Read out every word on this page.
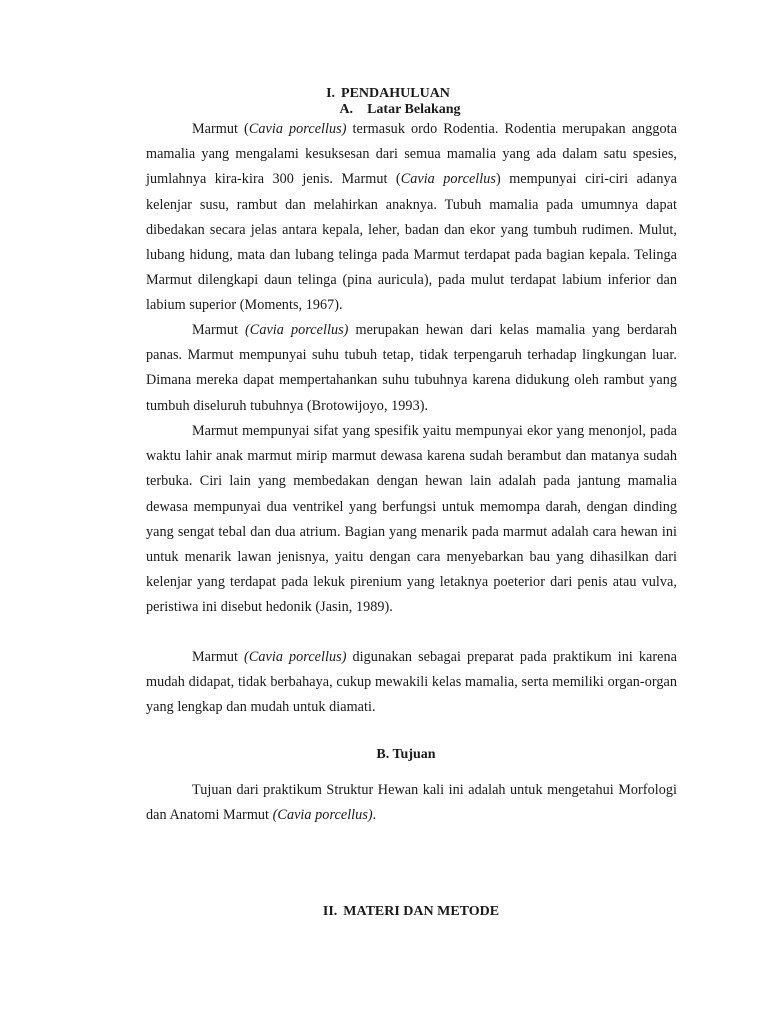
I. PENDAHULUAN
A. Latar Belakang

Marmut (Cavia porcellus) termasuk ordo Rodentia. Rodentia merupakan anggota mamalia yang mengalami kesuksesan dari semua mamalia yang ada dalam satu spesies, jumlahnya kira-kira 300 jenis. Marmut (Cavia porcellus) mempunyai ciri-ciri adanya kelenjar susu, rambut dan melahirkan anaknya. Tubuh mamalia pada umumnya dapat dibedakan secara jelas antara kepala, leher, badan dan ekor yang tumbuh rudimen. Mulut, lubang hidung, mata dan lubang telinga pada Marmut terdapat pada bagian kepala. Telinga Marmut dilengkapi daun telinga (pina auricula), pada mulut terdapat labium inferior dan labium superior (Moments, 1967).

Marmut (Cavia porcellus) merupakan hewan dari kelas mamalia yang berdarah panas. Marmut mempunyai suhu tubuh tetap, tidak terpengaruh terhadap lingkungan luar. Dimana mereka dapat mempertahankan suhu tubuhnya karena didukung oleh rambut yang tumbuh diseluruh tubuhnya (Brotowijoyo, 1993).

Marmut mempunyai sifat yang spesifik yaitu mempunyai ekor yang menonjol, pada waktu lahir anak marmut mirip marmut dewasa karena sudah berambut dan matanya sudah terbuka. Ciri lain yang membedakan dengan hewan lain adalah pada jantung mamalia dewasa mempunyai dua ventrikel yang berfungsi untuk memompa darah, dengan dinding yang sengat tebal dan dua atrium. Bagian yang menarik pada marmut adalah cara hewan ini untuk menarik lawan jenisnya, yaitu dengan cara menyebarkan bau yang dihasilkan dari kelenjar yang terdapat pada lekuk pirenium yang letaknya poeterior dari penis atau vulva, peristiwa ini disebut hedonik (Jasin, 1989).

Marmut (Cavia porcellus) digunakan sebagai preparat pada praktikum ini karena mudah didapat, tidak berbahaya, cukup mewakili kelas mamalia, serta memiliki organ-organ yang lengkap dan mudah untuk diamati.

B. Tujuan

Tujuan dari praktikum Struktur Hewan kali ini adalah untuk mengetahui Morfologi dan Anatomi Marmut (Cavia porcellus).

II. MATERI DAN METODE
